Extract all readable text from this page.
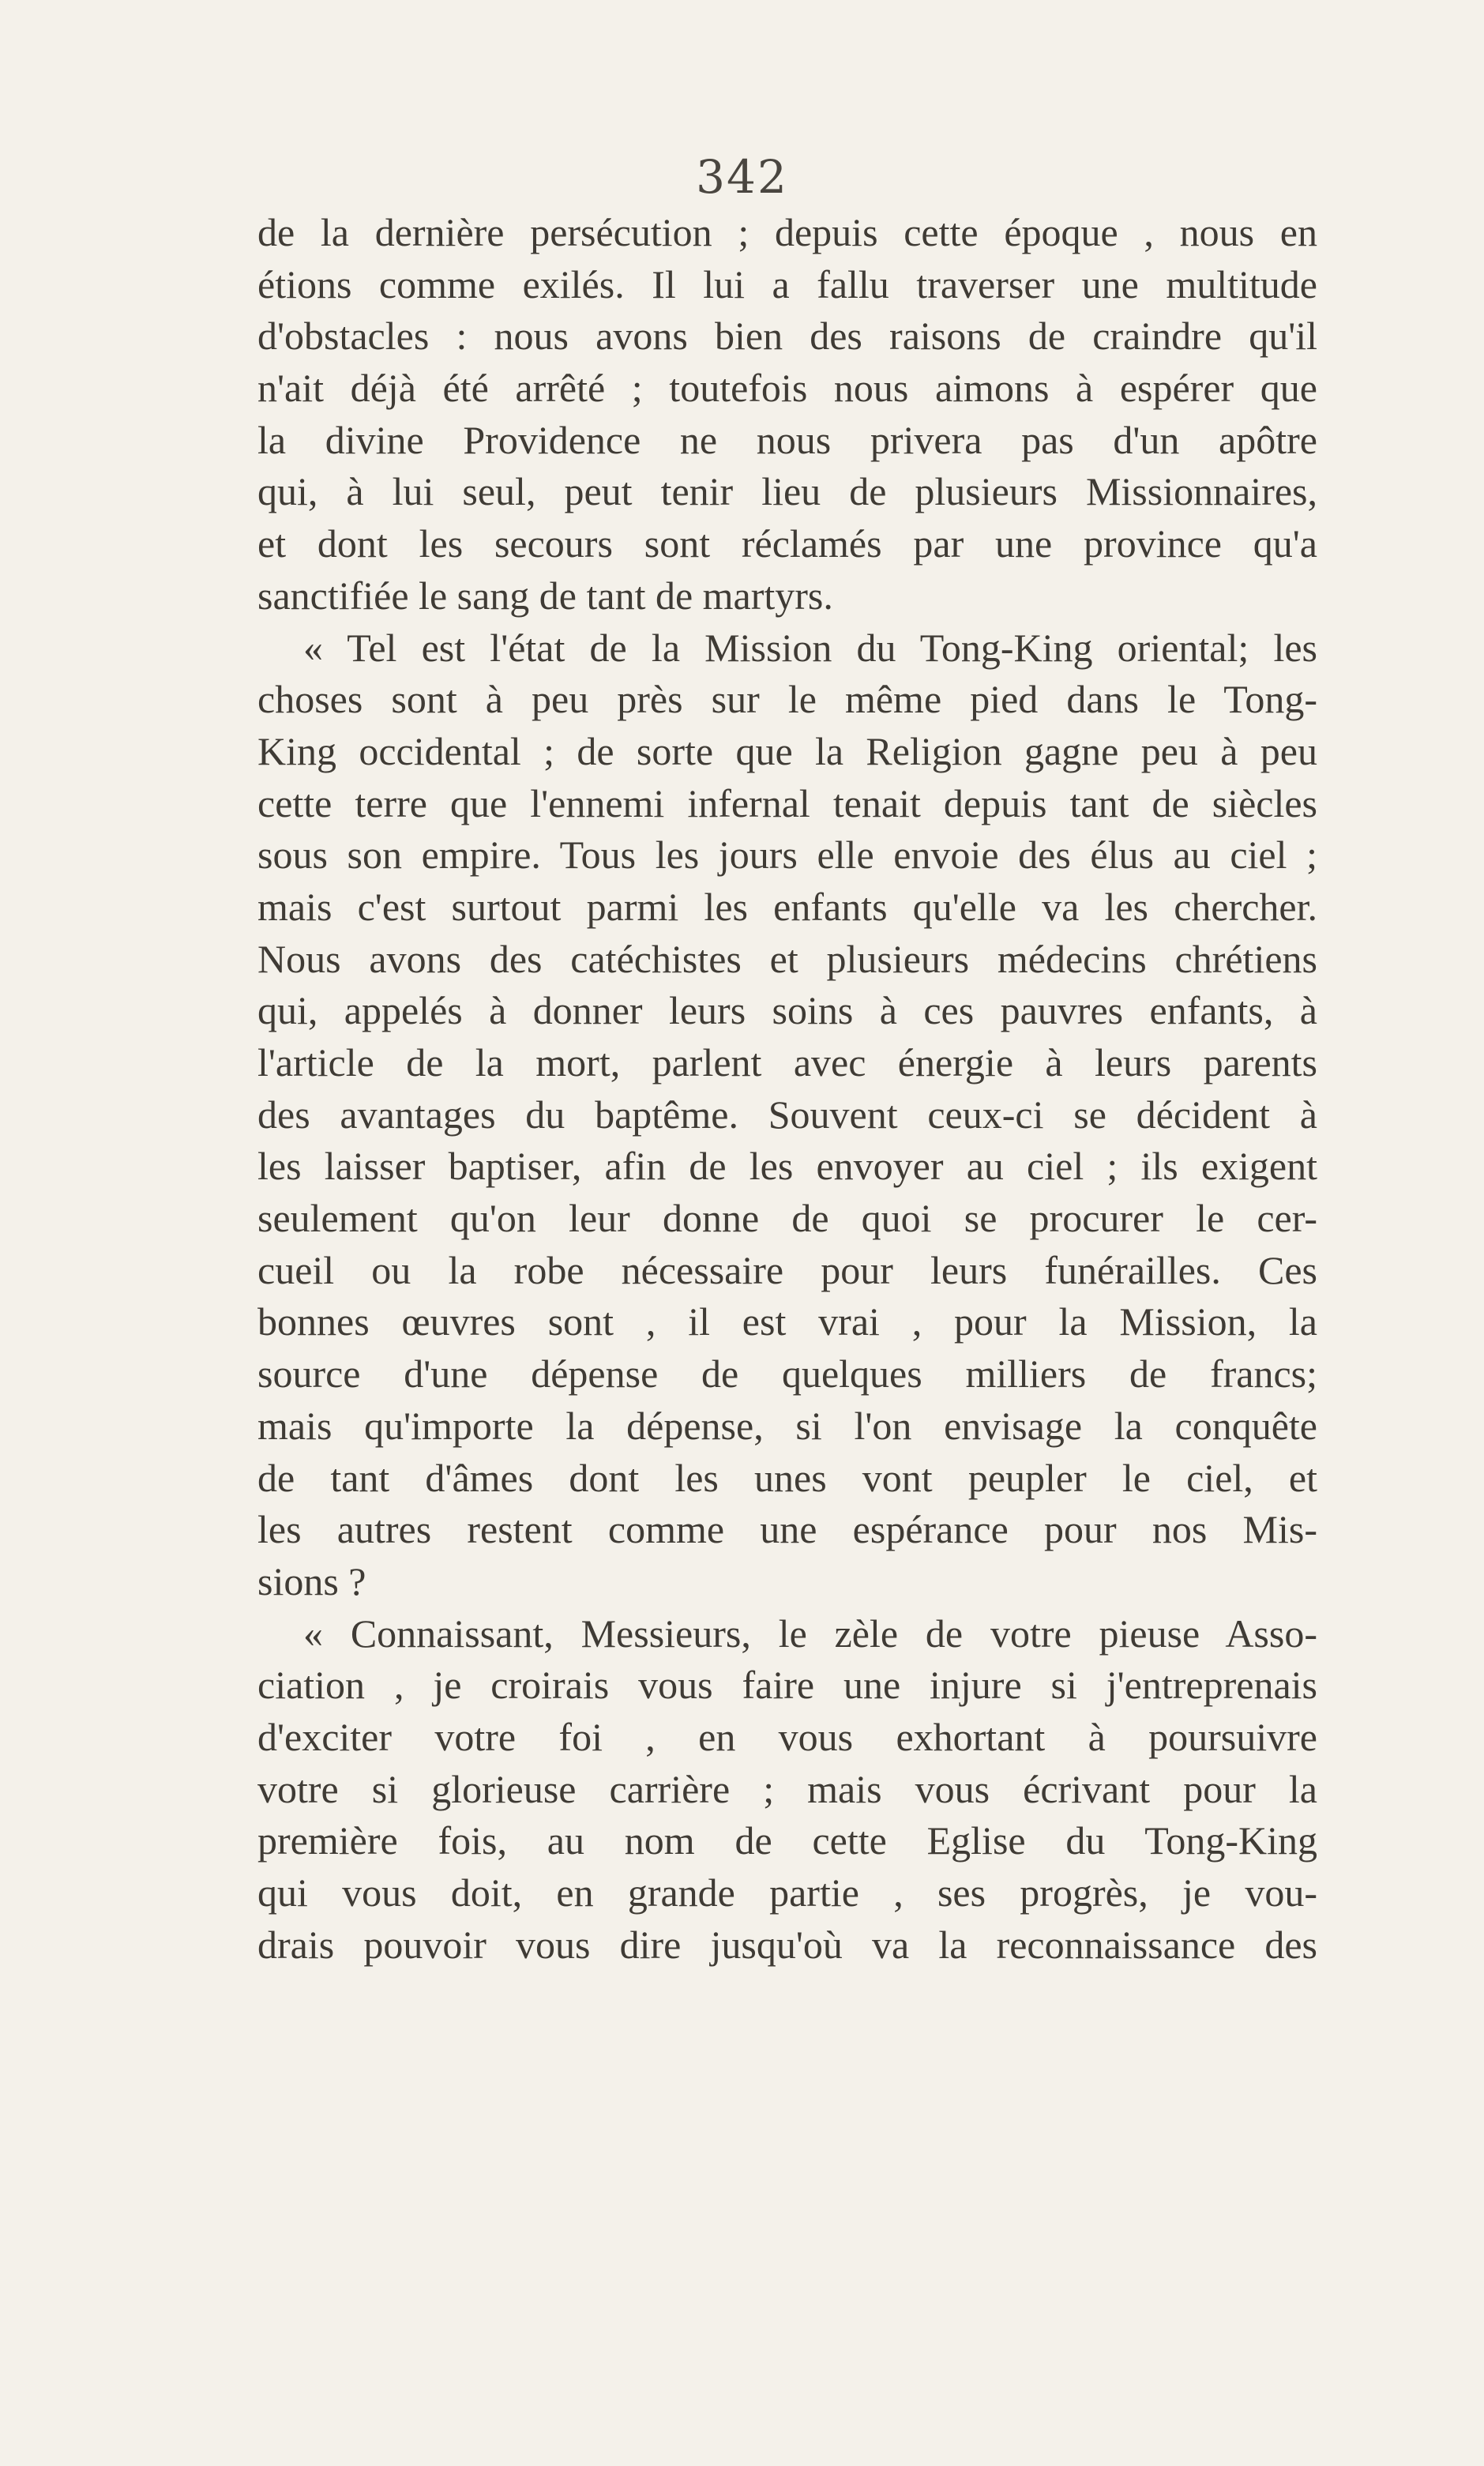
342
de la dernière persécution ; depuis cette époque , nous en
étions comme exilés. Il lui a fallu traverser une multitude
d'obstacles : nous avons bien des raisons de craindre qu'il
n'ait déjà été arrêté ; toutefois nous aimons à espérer que
la divine Providence ne nous privera pas d'un apôtre
qui, à lui seul, peut tenir lieu de plusieurs Missionnaires,
et dont les secours sont réclamés par une province qu'a
sanctifiée le sang de tant de martyrs.
« Tel est l'état de la Mission du Tong-King oriental; les
choses sont à peu près sur le même pied dans le Tong-
King occidental ; de sorte que la Religion gagne peu à peu
cette terre que l'ennemi infernal tenait depuis tant de siècles
sous son empire. Tous les jours elle envoie des élus au ciel ;
mais c'est surtout parmi les enfants qu'elle va les chercher.
Nous avons des catéchistes et plusieurs médecins chrétiens
qui, appelés à donner leurs soins à ces pauvres enfants, à
l'article de la mort, parlent avec énergie à leurs parents
des avantages du baptême. Souvent ceux-ci se décident à
les laisser baptiser, afin de les envoyer au ciel ; ils exigent
seulement qu'on leur donne de quoi se procurer le cer-
cueil ou la robe nécessaire pour leurs funérailles. Ces
bonnes œuvres sont , il est vrai , pour la Mission, la
source d'une dépense de quelques milliers de francs;
mais qu'importe la dépense, si l'on envisage la conquête
de tant d'âmes dont les unes vont peupler le ciel, et
les autres restent comme une espérance pour nos Mis-
sions ?
« Connaissant, Messieurs, le zèle de votre pieuse Asso-
ciation , je croirais vous faire une injure si j'entreprenais
d'exciter votre foi , en vous exhortant à poursuivre
votre si glorieuse carrière ; mais vous écrivant pour la
première fois, au nom de cette Eglise du Tong-King
qui vous doit, en grande partie , ses progrès, je vou-
drais pouvoir vous dire jusqu'où va la reconnaissance des
